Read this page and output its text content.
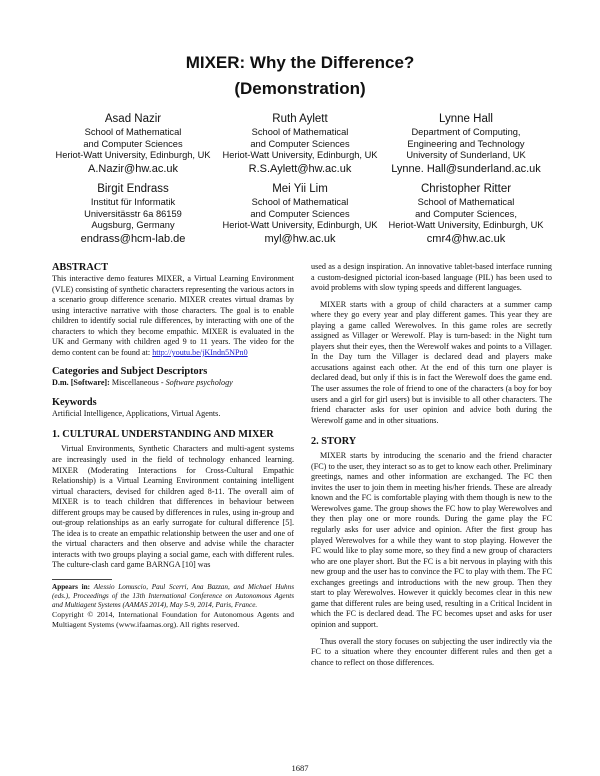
MIXER: Why the Difference?
(Demonstration)
Asad Nazir
School of Mathematical
and Computer Sciences
Heriot-Watt University, Edinburgh, UK
A.Nazir@hw.ac.uk
Ruth Aylett
School of Mathematical
and Computer Sciences
Heriot-Watt University, Edinburgh, UK
R.S.Aylett@hw.ac.uk
Lynne Hall
Department of Computing,
Engineering and Technology
University of Sunderland, UK
Lynne. Hall@sunderland.ac.uk
Birgit Endrass
Institut für Informatik
Universitässtr 6a 86159
Augsburg, Germany
endrass@hcm-lab.de
Mei Yii Lim
School of Mathematical
and Computer Sciences
Heriot-Watt University, Edinburgh, UK
myl@hw.ac.uk
Christopher Ritter
School of Mathematical
and Computer Sciences,
Heriot-Watt University, Edinburgh, UK
cmr4@hw.ac.uk
ABSTRACT

This interactive demo features MIXER, a Virtual Learning Environment (VLE) consisting of synthetic characters representing the various actors in a scenario group difference scenario. MIXER creates virtual dramas by using interactive narrative with those characters. The goal is to enable children to identify social rule differences, by interacting with one of the characters to which they become empathic. MIXER is evaluated in the UK and Germany with children aged 9 to 11 years. The video for the demo content can be found at: http://youtu.be/jKIndn5NPn0

Categories and Subject Descriptors

D.m. [Software]: Miscellaneous - Software psychology

Keywords

Artificial Intelligence, Applications, Virtual Agents.

1. CULTURAL UNDERSTANDING AND MIXER

Virtual Environments, Synthetic Characters and multi-agent systems are increasingly used in the field of technology enhanced learning. MIXER (Moderating Interactions for Cross-Cultural Empathic Relationship) is a Virtual Learning Environment containing intelligent virtual characters, devised for children aged 8-11. The overall aim of MIXER is to teach children that differences in behaviour between different groups may be caused by differences in rules, using in-group and out-group relationships as an early surrogate for cultural difference [5]. The idea is to create an empathic relationship between the user and one of the virtual characters and then observe and advise while the character interacts with two groups playing a social game, each with different rules. The culture-clash card game BARNGA [10] was

Appears in: Alessio Lomuscio, Paul Scerri, Ana Bazzan, and Michael Huhns (eds.), Proceedings of the 13th International Conference on Autonomous Agents and Multiagent Systems (AAMAS 2014), May 5-9, 2014, Paris, France.

Copyright © 2014, International Foundation for Autonomous Agents and Multiagent Systems (www.ifaamas.org). All rights reserved.

used as a design inspiration. An innovative tablet-based interface running a custom-designed pictorial icon-based language (PIL) has been used to avoid problems with slow typing speeds and different languages.

MIXER starts with a group of child characters at a summer camp where they go every year and play different games. This year they are playing a game called Werewolves. In this game roles are secretly assigned as Villager or Werewolf. Play is turn-based: in the Night turn players shut their eyes, then the Werewolf wakes and points to a Villager. In the Day turn the Villager is declared dead and players make accusations against each other. At the end of this turn one player is declared dead, but only if this is in fact the Werewolf does the game end. The user assumes the role of friend to one of the characters (a boy for boy users and a girl for girl users) but is invisible to all other characters. The friend character asks for user opinion and advice both during the Werewolf game and in other situations.

2. STORY

MIXER starts by introducing the scenario and the friend character (FC) to the user, they interact so as to get to know each other. Preliminary greetings, names and other information are exchanged. The FC then invites the user to join them in meeting his/her friends. These are already known and the FC is comfortable playing with them though is new to the Werewolves game. The group shows the FC how to play Werewolves and they then play one or more rounds. During the game play the FC regularly asks for user advice and opinion. After the first group has played Werewolves for a while they want to stop playing. However the FC would like to play some more, so they find a new group of characters who are one player short. But the FC is a bit nervous in playing with this new group and the user has to convince the FC to play with them. The FC exchanges greetings and introductions with the new group. Then they start to play Werewolves. However it quickly becomes clear in this new game that different rules are being used, resulting in a Critical Incident in which the FC is declared dead. The FC becomes upset and asks for user opinion and support.

Thus overall the story focuses on subjecting the user indirectly via the FC to a situation where they encounter different rules and then get a chance to reflect on those differences.

1687
